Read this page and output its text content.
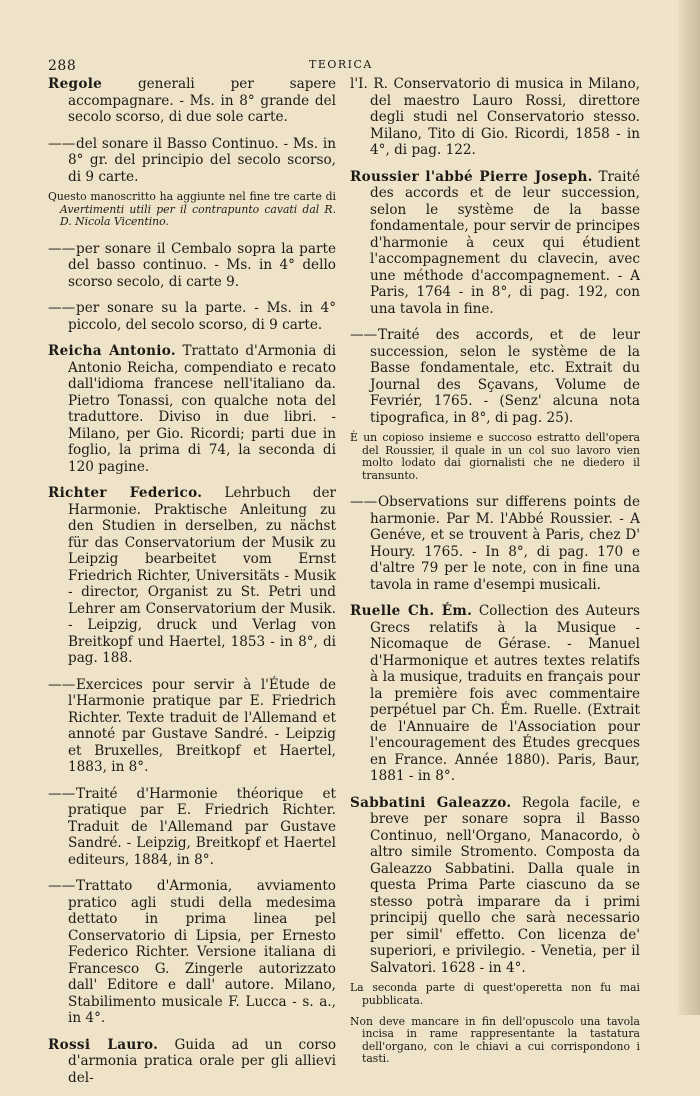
288	TEORICA
Regole	generali per sapere accompagnare. - Ms. in 8° grande del secolo scorso, di due sole carte.
——del sonare il Basso Continuo. - Ms. in 8° gr. del principio del secolo scorso, di 9 carte.
Questo manoscritto ha aggiunte nel fine tre carte di Avertimenti utili per il contrapunto cavati dal R. D. Nicola Vicentino.
——per sonare il Cembalo sopra la parte del basso continuo. - Ms. in 4° dello scorso secolo, di carte 9.
——per sonare su la parte. - Ms. in 4° piccolo, del secolo scorso, di 9 carte.
Reicha Antonio. Trattato d'Armonia di Antonio Reicha, compendiato e recato dall'idioma francese nell'italiano da. Pietro Tonassi, con qualche nota del traduttore. Diviso in due libri. - Milano, per Gio. Ricordi; parti due in foglio, la prima di 74, la seconda di 120 pagine.
Richter Federico. Lehrbuch der Harmonie. Praktische Anleitung zu den Studien in derselben, zu nächst für das Conservatorium der Musik zu Leipzig bearbeitet vom Ernst Friedrich Richter, Universitäts - Musik - director, Organist zu St. Petri und Lehrer am Conservatorium der Musik. - Leipzig, druck und Verlag von Breitkopf und Haertel, 1853 - in 8°, di pag. 188.
——Exercices pour servir à l'Étude de l'Harmonie pratique par E. Friedrich Richter. Texte traduit de l'Allemand et annoté par Gustave Sandré. - Leipzig et Bruxelles, Breitkopf et Haertel, 1883, in 8°.
——Traité d'Harmonie théorique et pratique par E. Friedrich Richter. Traduit de l'Allemand par Gustave Sandré. - Leipzig, Breitkopf et Haertel editeurs, 1884, in 8°.
——Trattato d'Armonia, avviamento pratico agli studi della medesima dettato in prima linea pel Conservatorio di Lipsia, per Ernesto Federico Richter. Versione italiana di Francesco G. Zingerle autorizzato dall' Editore e dall' autore. Milano, Stabilimento musicale F. Lucca - s. a., in 4°.
Rossi Lauro. Guida ad un corso d'armonia pratica orale per gli allievi del-
l'I. R. Conservatorio di musica in Milano, del maestro Lauro Rossi, direttore degli studi nel Conservatorio stesso. Milano, Tito di Gio. Ricordi, 1858 - in 4°, di pag. 122.
Roussier l'abbé Pierre Joseph. Traité des accords et de leur succession, selon le système de la basse fondamentale, pour servir de principes d'harmonie à ceux qui étudient l'accompagnement du clavecin, avec une méthode d'accompagnement. - A Paris, 1764 - in 8°, di pag. 192, con una tavola in fine.
——Traité des accords, et de leur succession, selon le système de la Basse fondamentale, etc. Extrait du Journal des Sçavans, Volume de Fevriér, 1765. - (Senz' alcuna nota tipografica, in 8°, di pag. 25).
È un copioso insieme e succoso estratto dell'opera del Roussier, il quale in un col suo lavoro vien molto lodato dai giornalisti che ne diedero il transunto.
——Observations sur differens points de harmonie. Par M. l'Abbé Roussier. - A Genéve, et se trouvent à Paris, chez D' Houry. 1765. - In 8°, di pag. 170 e d'altre 79 per le note, con in fine una tavola in rame d'esempi musicali.
Ruelle Ch. Ém. Collection des Auteurs Grecs relatifs à la Musique - Nicomaque de Gérase. - Manuel d'Harmonique et autres textes relatifs à la musique, traduits en français pour la première fois avec commentaire perpétuel par Ch. Ém. Ruelle. (Extrait de l'Annuaire de l'Association pour l'encouragement des Études grecques en France. Année 1880). Paris, Baur, 1881 - in 8°.
Sabbatini Galeazzo. Regola facile, e breve per sonare sopra il Basso Continuo, nell'Organo, Manacordo, ò altro simile Stromento. Composta da Galeazzo Sabbatini. Dalla quale in questa Prima Parte ciascuno da se stesso potrà imparare da i primi principij quello che sarà necessario per simil' effetto. Con licenza de' superiori, e privilegio. - Venetia, per il Salvatori. 1628 - in 4°.
La seconda parte di quest'operetta non fu mai pubblicata.
Non deve mancare in fin dell'opuscolo una tavola incisa in rame rappresentante la tastatura dell'organo, con le chiavi a cui corrispondono i tasti.
